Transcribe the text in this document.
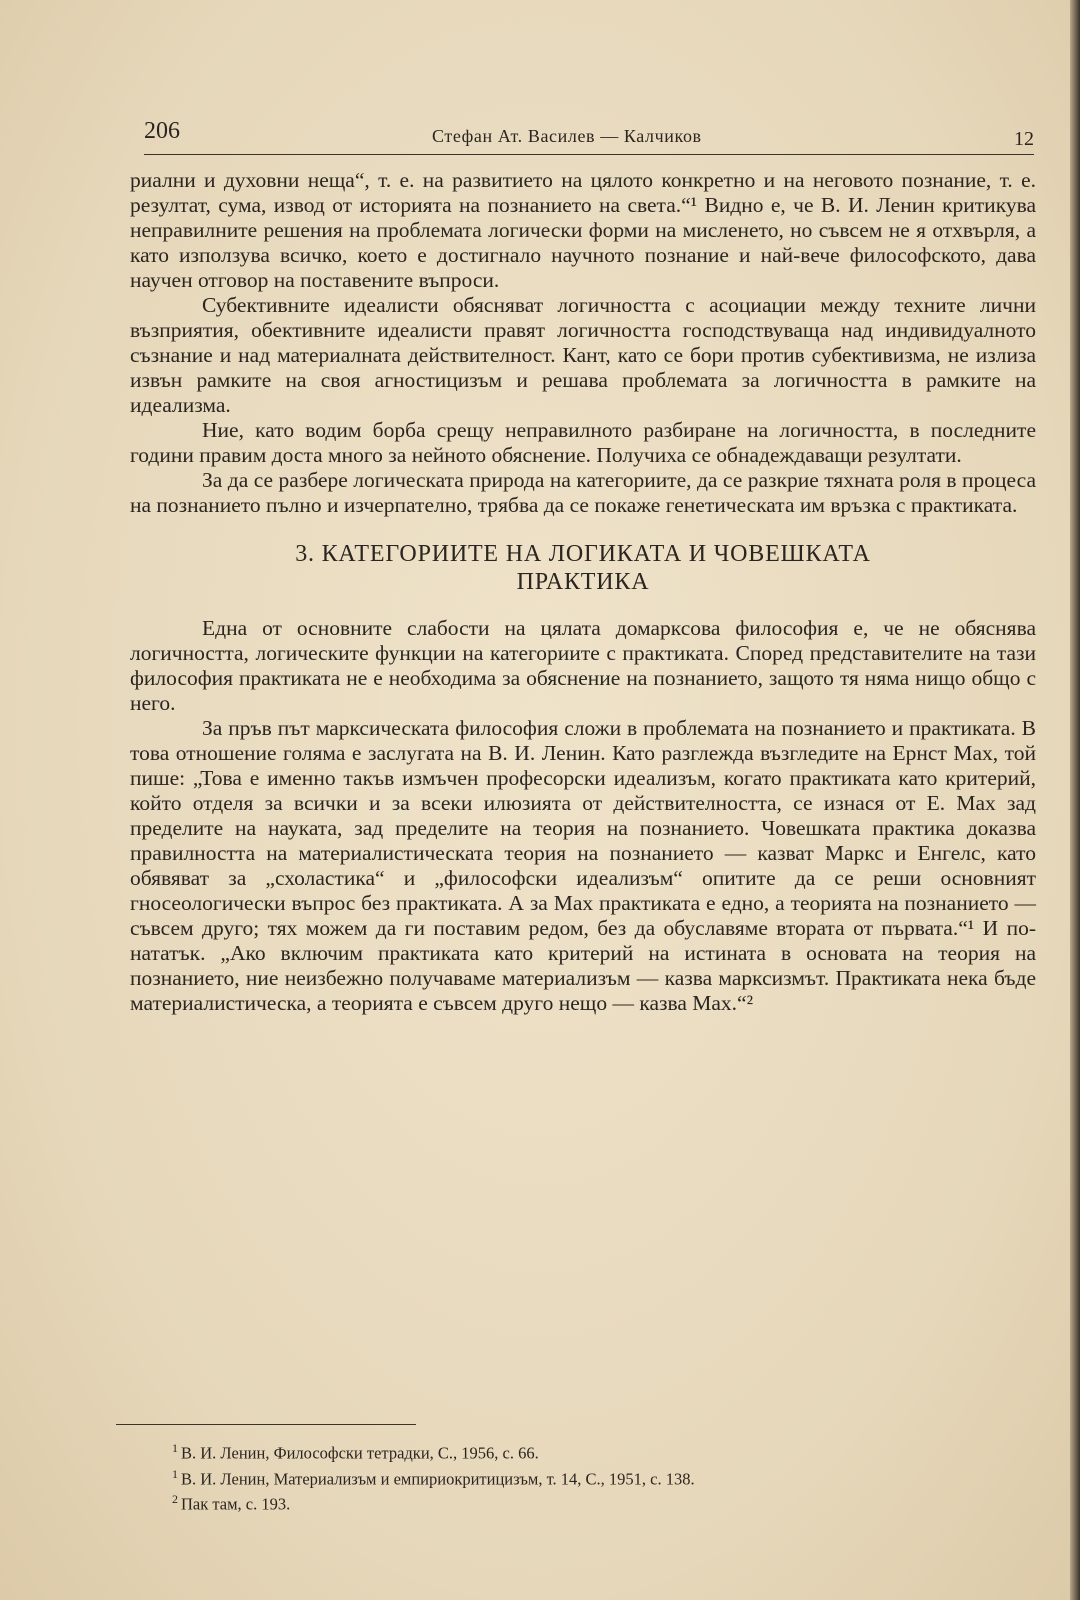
206	Стефан Ат. Василев — Калчиков	12

риални и духовни неща“, т. е. на развитието на цялото конкретно и на неговото познание, т. е. резултат, сума, извод от историята на познанието на света.“¹ Видно е, че В. И. Ленин критикува неправилните решения на проблемата логически форми на мисленето, но съвсем не я отхвърля, а като използува всичко, което е достигнало научното познание и най-вече философското, дава научен отговор на поставените въпроси.

Субективните идеалисти обясняват логичността с асоциации между техните лични възприятия, обективните идеалисти правят логичността господствуваща над индивидуалното съзнание и над материалната действителност. Кант, като се бори против субективизма, не излиза извън рамките на своя агностицизъм и решава проблемата за логичността в рамките на идеализма.

Ние, като водим борба срещу неправилното разбиране на логичността, в последните години правим доста много за нейното обяснение. Получиха се обнадеждаващи резултати.

За да се разбере логическата природа на категориите, да се разкрие тяхната роля в процеса на познанието пълно и изчерпателно, трябва да се покаже генетическата им връзка с практиката.

3. КАТЕГОРИИТЕ НА ЛОГИКАТА И ЧОВЕШКАТА
ПРАКТИКА

Една от основните слабости на цялата домарксова философия е, че не обяснява логичността, логическите функции на категориите с практиката. Според представителите на тази философия практиката не е необходима за обяснение на познанието, защото тя няма нищо общо с него.

За пръв път марксическата философия сложи в проблемата на познанието и практиката. В това отношение голяма е заслугата на В. И. Ленин. Като разглежда възгледите на Ернст Мах, той пише: „Това е именно такъв измъчен професорски идеализъм, когато практиката като критерий, който отделя за всички и за всеки илюзията от действителността, се изнася от Е. Мах зад пределите на науката, зад пределите на теория на познанието. Човешката практика доказва правилността на материалистическата теория на познанието — казват Маркс и Енгелс, като обявяват за „схоластика“ и „философски идеализъм“ опитите да се реши основният гносеологически въпрос без практиката. А за Мах практиката е едно, а теорията на познанието — съвсем друго; тях можем да ги поставим редом, без да обуславяме втората от първата.“¹ И по-нататък. „Ако включим практиката като критерий на истината в основата на теория на познанието, ние неизбежно получаваме материализъм — казва марксизмът. Практиката нека бъде материалистическа, а теорията е съвсем друго нещо — казва Мах.“²

$^1$ В. И. Ленин, Философски тетрадки, С., 1956, с. 66.
$^1$ В. И. Ленин, Материализъм и емпириокритицизъм, т. 14, С., 1951, с. 138.
$^2$ Пак там, с. 193.
